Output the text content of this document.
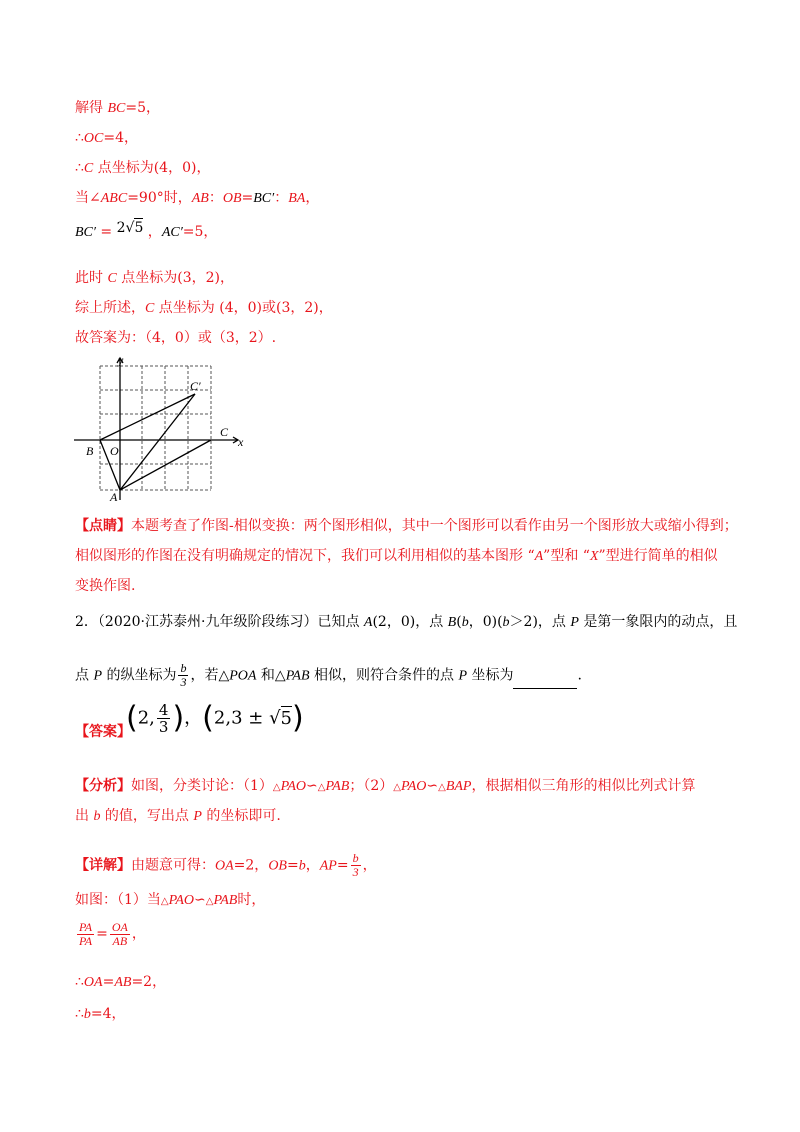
解得 BC=5，
∴OC=4，
∴C 点坐标为(4，0)，
当∠ABC=90°时，AB：OB=BC′：BA，
BC′ = 2√5 ，AC′=5，
此时 C 点坐标为(3，2)，
综上所述，C 点坐标为 (4，0)或(3，2)，
故答案为：（4，0）或（3，2）.
y
x
C′
C
B O
A
【点睛】本题考查了作图-相似变换：两个图形相似，其中一个图形可以看作由另一个图形放大或缩小得到；
相似图形的作图在没有明确规定的情况下，我们可以利用相似的基本图形 “A”型和 “X”型进行简单的相似
变换作图.
2．（2020·江苏泰州·九年级阶段练习）已知点 A(2，0)，点 B(b，0)(b＞2)，点 P 是第一象限内的动点，且
点 P 的纵坐标为 $\frac{b}{3}$ ，若△POA 和△PAB 相似，则符合条件的点 P 坐标为	.
【答案】
(2, $\frac{4}{3}$ )，(2,3 ± √5)
【分析】如图，分类讨论：（1）△PAO∽△PAB；（2）△PAO∽△BAP，根据相似三角形的相似比列式计算
出 b 的值，写出点 P 的坐标即可.
【详解】由题意可得：OA=2，OB=b，$AP= \frac{b}{3}$ ，
如图：（1）当△PAO∽△PAB时，
$\frac{PA}{PA} = \frac{OA}{AB}$ ，
∴OA=AB=2，
∴b=4，
